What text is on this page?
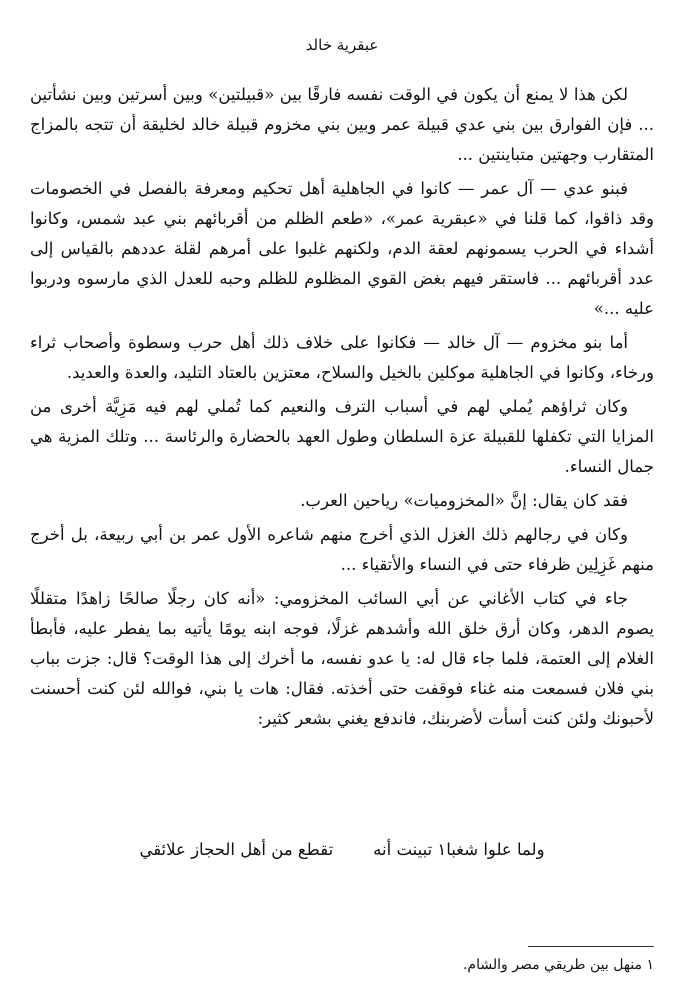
عبقرية خالد

لكن هذا لا يمنع أن يكون في الوقت نفسه فارقًا بين «قبيلتين» وبين أسرتين وبين نشأتين ... فإن الفوارق بين بني عدي قبيلة عمر وبين بني مخزوم قبيلة خالد لخليقة أن تتجه بالمزاج المتقارب وجهتين متباينتين ...

فبنو عدي — آل عمر — كانوا في الجاهلية أهل تحكيم ومعرفة بالفصل في الخصومات وقد ذاقوا، كما قلنا في «عبقرية عمر»، «طعم الظلم من أقربائهم بني عبد شمس، وكانوا أشداء في الحرب يسمونهم لعقة الدم، ولكنهم غلبوا على أمرهم لقلة عددهم بالقياس إلى عدد أقربائهم ... فاستقر فيهم بغض القوي المظلوم للظلم وحبه للعدل الذي مارسوه ودربوا عليه ...»

أما بنو مخزوم — آل خالد — فكانوا على خلاف ذلك أهل حرب وسطوة وأصحاب ثراء ورخاء، وكانوا في الجاهلية موكلين بالخيل والسلاح، معتزين بالعتاد التليد، والعدة والعديد.

وكان ثراؤهم يُملي لهم في أسباب الترف والنعيم كما تُملي لهم فيه مَزِيَّة أخرى من المزايا التي تكفلها للقبيلة عزة السلطان وطول العهد بالحضارة والرئاسة ... وتلك المزية هي جمال النساء.

فقد كان يقال: إنَّ «المخزوميات» رياحين العرب.

وكان في رجالهم ذلك الغزل الذي أخرج منهم شاعره الأول عمر بن أبي ربيعة، بل أخرج منهم غَزِلِين ظرفاء حتى في النساء والأتقياء ...

جاء في كتاب الأغاني عن أبي السائب المخزومي: «أنه كان رجلًا صالحًا زاهدًا متقللًا يصوم الدهر، وكان أرق خلق الله وأشدهم غزلًا، فوجه ابنه يومًا يأتيه بما يفطر عليه، فأبطأ الغلام إلى العتمة، فلما جاء قال له: يا عدو نفسه، ما أخرك إلى هذا الوقت؟ قال: جزت بباب بني فلان فسمعت منه غناء فوقفت حتى أخذته. فقال: هات يا بني، فوالله لئن كنت أحسنت لأحبونك ولئن كنت أسأت لأضربنك، فاندفع يغني بشعر كثير:

ولما علوا شغبا١ تبينت أنه
تقطع من أهل الحجاز علائقي
١ منهل بين طريقي مصر والشام.
